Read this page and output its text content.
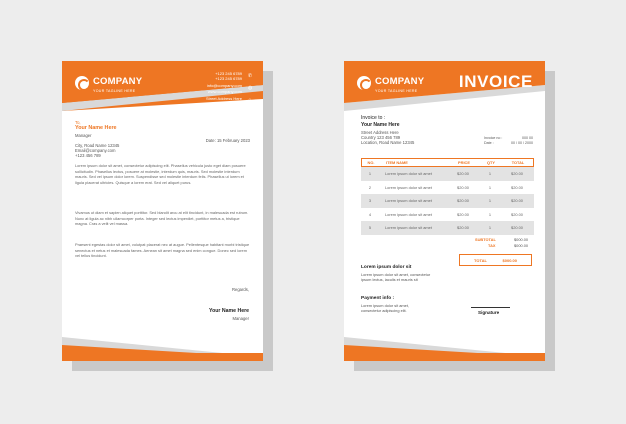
COMPANY
YOUR TAGLINE HERE
+123 245 6789
+123 245 6789
✆
info@company.com
www.company.com
◍
Street Address Here
Country 123456789
⌂
To,
Your Name Here
Manager
Date: 15 February 2023
City, Road Name 12345
Email@company.com
+123 456 789
Lorem ipsum dolor sit amet, consectetur adipiscing elit. Phasellus vehicula justo eget diam posuere sollicitudin. Phasellus lectus, posuere at molestie, interdum quis, mauris. Sed molestie interdum mauris. Sed vel ipsum dolor lorem. Suspendisse sed molestie interdum felis. Phasellus ut lorem et ligula placerat ultricies. Quisque a lorem erat. Sed vel aliquet purus.
Vivamus ut diam et sapien aliquet porttitor. Sed blandit arcu at elit tincidunt, in malesuada est rutrum. Nunc at ligula ac nibh ullamcorper porta. Integer sed lectus imperdiet, porttitor metus a, tristique magna. Cras a velit vel massa.
Praesent egestas dolor sit amet, volutpat placerat nec at augue. Pellentesque habitant morbi tristique senectus et netus et malesuada fames. Aenean sit amet magna sed enim congue. Donec sed lorem vel tellus tincidunt.
Regards,
Your Name Here
Manager
COMPANY
YOUR TAGLINE HERE	INVOICE
Invoice to :
Your Name Here
Street Address Here
Country 123 456 789
Location, Road Name 12345
Invoice no :	000 00
Date :	00 / 00 / 2000
NO.	ITEM NAME	PRICE	QTY	TOTAL
1	Lorem ipsum dolor sit amet	$20.00	1	$20.00
2	Lorem ipsum dolor sit amet	$20.00	1	$20.00
3	Lorem ipsum dolor sit amet	$20.00	1	$20.00
4	Lorem ipsum dolor sit amet	$20.00	1	$20.00
5	Lorem ipsum dolor sit amet	$20.00	1	$20.00
SUBTOTAL	$000.00
TAX	$000.00
TOTAL	$000.00
Lorem ipsum dolor sit
Lorem ipsum dolor sit amet, consectetur
ipsum lectus, iaculis et mauris sit
Payment info :
Lorem ipsum dolor sit amet,
consectetur adipiscing elit.	Signature
